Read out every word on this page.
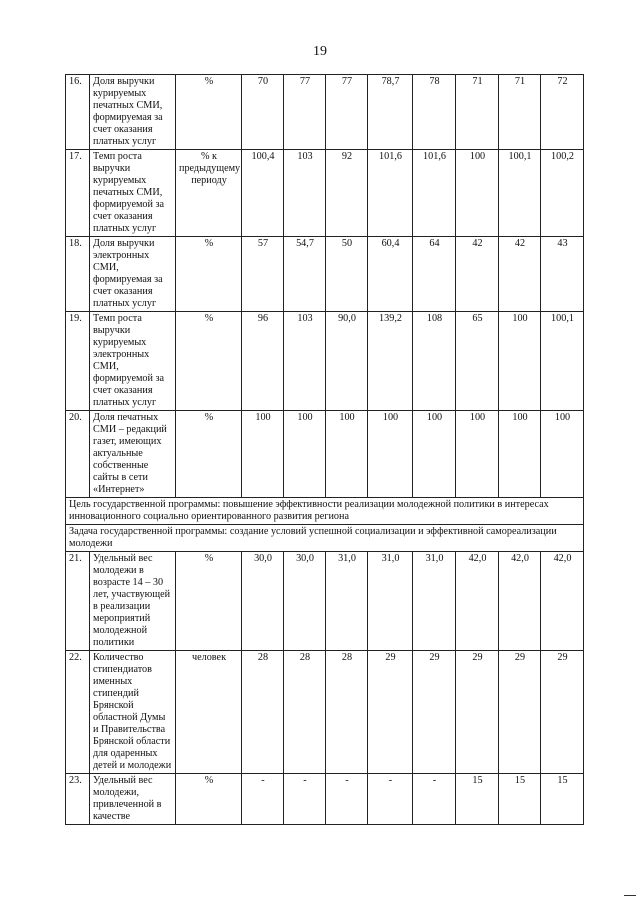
19
16.	Доля выручки курируемых печатных СМИ, формируемая за счет оказания платных услуг	%	70	77	77	78,7	78	71	71	72
17.	Темп роста выручки курируемых печатных СМИ, формируемой за счет оказания платных услуг	% к предыдущему периоду	100,4	103	92	101,6	101,6	100	100,1	100,2
18.	Доля выручки электронных СМИ, формируемая за счет оказания платных услуг	%	57	54,7	50	60,4	64	42	42	43
19.	Темп роста выручки курируемых электронных СМИ, формируемой за счет оказания платных услуг	%	96	103	90,0	139,2	108	65	100	100,1
20.	Доля печатных СМИ – редакций газет, имеющих актуальные собственные сайты в сети «Интернет»	%	100	100	100	100	100	100	100	100
Цель государственной программы: повышение эффективности реализации молодежной политики в интересах инновационного социально ориентированного развития региона										
Задача государственной программы: создание условий успешной социализации и эффективной самореализации молодежи										
21.	Удельный вес молодежи в возрасте 14 – 30 лет, участвующей в реализации мероприятий молодежной политики	%	30,0	30,0	31,0	31,0	31,0	42,0	42,0	42,0
22.	Количество стипендиатов именных стипендий Брянской областной Думы и Правительства Брянской области для одаренных детей и молодежи	человек	28	28	28	29	29	29	29	29
23.	Удельный вес молодежи, привлеченной в качестве	%	-	-	-	-	-	15	15	15
